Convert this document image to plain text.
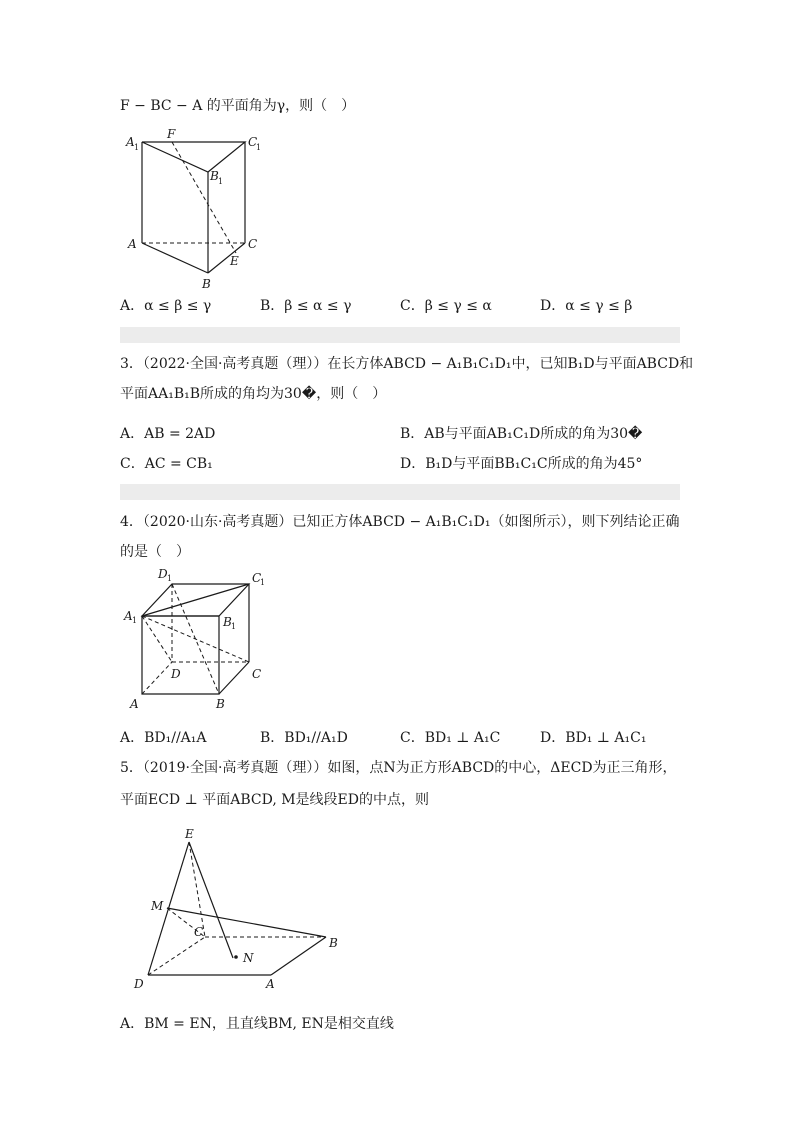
F − BC − A 的平面角为γ，则（　）
A 1
F
C
1
B 1
A	C
E
B
A．α ≤ β ≤ γ	B．β ≤ α ≤ γ	C．β ≤ γ ≤ α	D．α ≤ γ ≤ β
3．（2022·全国·高考真题（理））在长方体ABCD − A₁B₁C₁D₁中，已知B₁D与平面ABCD和
平面AA₁B₁B所成的角均为30�，则（　）
A．AB = 2AD	B．AB与平面AB₁C₁D所成的角为30�
C．AC = CB₁	D．B₁D与平面BB₁C₁C所成的角为45°
4．（2020·山东·高考真题）已知正方体ABCD − A₁B₁C₁D₁（如图所示），则下列结论正确
的是（　）
D 1	C
1
A 1	B 1
D	C
A	B
A．BD₁//A₁A	B．BD₁//A₁D	C．BD₁ ⊥ A₁C	D．BD₁ ⊥ A₁C₁
5．（2019·全国·高考真题（理））如图，点N为正方形ABCD的中心，ΔECD为正三角形，
平面ECD ⊥ 平面ABCD, M是线段ED的中点，则
E
M
C
B
N
D	A
A．BM = EN，且直线BM, EN是相交直线
